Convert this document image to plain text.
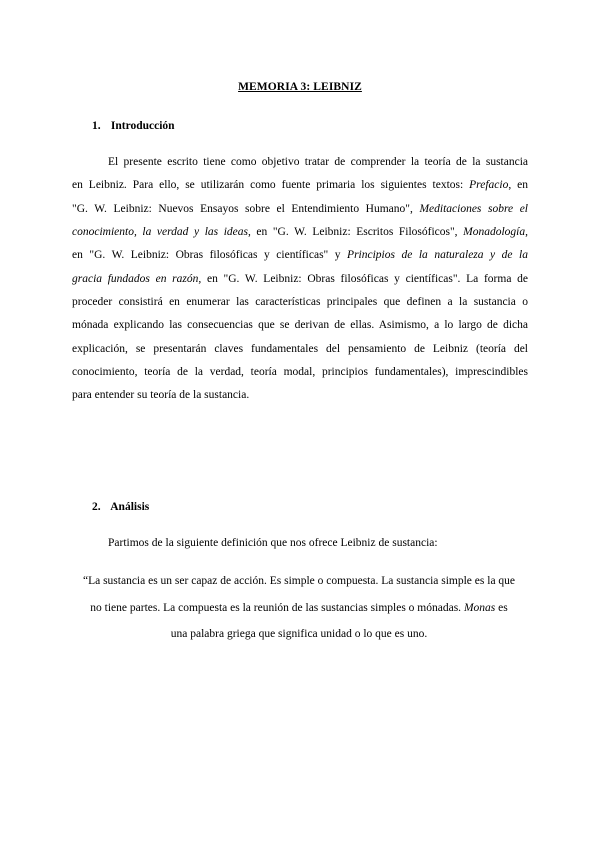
MEMORIA 3: LEIBNIZ
1. Introducción

El presente escrito tiene como objetivo tratar de comprender la teoría de la sustancia
en Leibniz. Para ello, se utilizarán como fuente primaria los siguientes textos: Prefacio, en
"G. W. Leibniz: Nuevos Ensayos sobre el Entendimiento Humano", Meditaciones sobre el
conocimiento, la verdad y las ideas, en "G. W. Leibniz: Escritos Filosóficos", Monadología,
en "G. W. Leibniz: Obras filosóficas y científicas" y Principios de la naturaleza y de la
gracia fundados en razón, en "G. W. Leibniz: Obras filosóficas y científicas". La forma de
proceder consistirá en enumerar las características principales que definen a la sustancia o
mónada explicando las consecuencias que se derivan de ellas. Asimismo, a lo largo de dicha
explicación, se presentarán claves fundamentales del pensamiento de Leibniz (teoría del
conocimiento, teoría de la verdad, teoría modal, principios fundamentales), imprescindibles
para entender su teoría de la sustancia.

2. Análisis

Partimos de la siguiente definición que nos ofrece Leibniz de sustancia:

“La sustancia es un ser capaz de acción. Es simple o compuesta. La sustancia simple es la que
no tiene partes. La compuesta es la reunión de las sustancias simples o mónadas. Monas es
una palabra griega que significa unidad o lo que es uno.
